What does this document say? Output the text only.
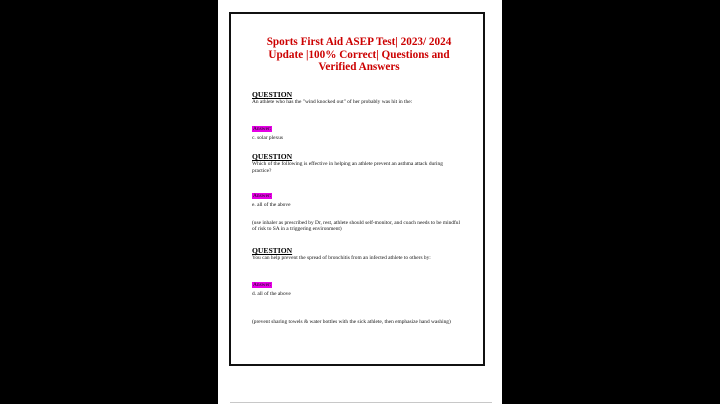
Sports First Aid ASEP Test| 2023/ 2024
Update |100% Correct| Questions and
Verified Answers

QUESTION

An athlete who has the "wind knocked out" of her probably was hit in the:

Answer:

c. solar plexus

QUESTION

Which of the following is effective in helping an athlete prevent an asthma attack during

practice?

Answer:

e. all of the above

(use inhaler as prescribed by Dr, rest, athlete should self-monitor, and coach needs to be mindful

of risk to SA in a triggering environment)

QUESTION

You can help prevent the spread of bronchitis from an infected athlete to others by:

Answer:

d. all of the above

(prevent sharing towels & water bottles with the sick athlete, then emphasize hand washing)
